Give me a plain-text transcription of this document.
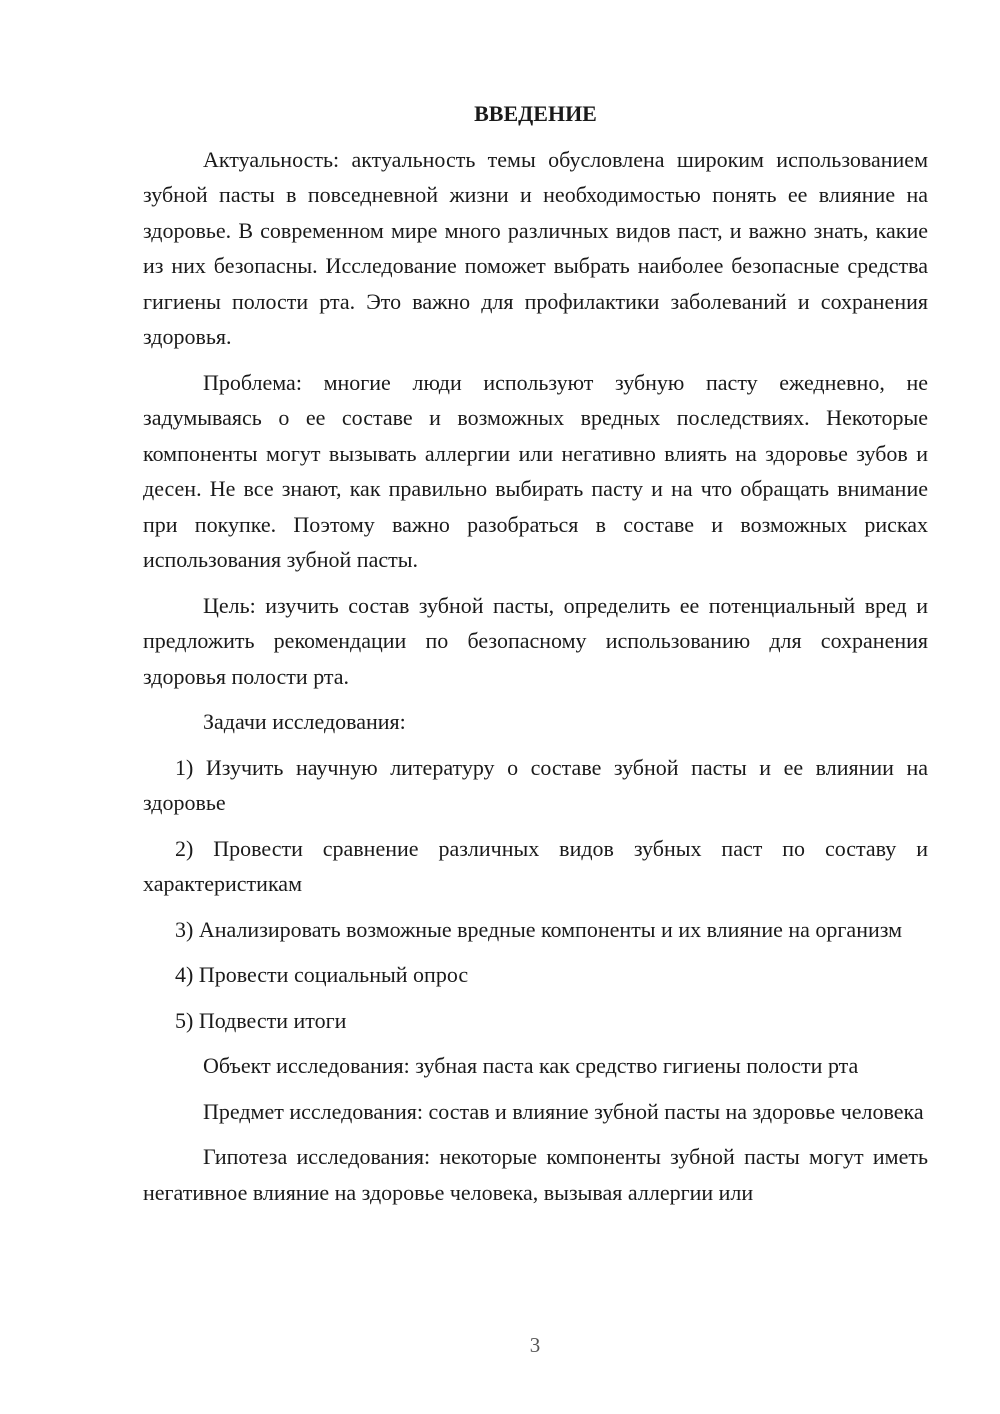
ВВЕДЕНИЕ

Актуальность: актуальность темы обусловлена широким использованием зубной пасты в повседневной жизни и необходимостью понять ее влияние на здоровье. В современном мире много различных видов паст, и важно знать, какие из них безопасны. Исследование поможет выбрать наиболее безопасные средства гигиены полости рта. Это важно для профилактики заболеваний и сохранения здоровья.

Проблема: многие люди используют зубную пасту ежедневно, не задумываясь о ее составе и возможных вредных последствиях. Некоторые компоненты могут вызывать аллергии или негативно влиять на здоровье зубов и десен. Не все знают, как правильно выбирать пасту и на что обращать внимание при покупке. Поэтому важно разобраться в составе и возможных рисках использования зубной пасты.

Цель: изучить состав зубной пасты, определить ее потенциальный вред и предложить рекомендации по безопасному использованию для сохранения здоровья полости рта.

Задачи исследования:

1) Изучить научную литературу о составе зубной пасты и ее влиянии на здоровье

2) Провести сравнение различных видов зубных паст по составу и характеристикам

3) Анализировать возможные вредные компоненты и их влияние на организм

4) Провести социальный опрос

5) Подвести итоги

Объект исследования: зубная паста как средство гигиены полости рта

Предмет исследования: состав и влияние зубной пасты на здоровье человека

Гипотеза исследования: некоторые компоненты зубной пасты могут иметь негативное влияние на здоровье человека, вызывая аллергии или

3
